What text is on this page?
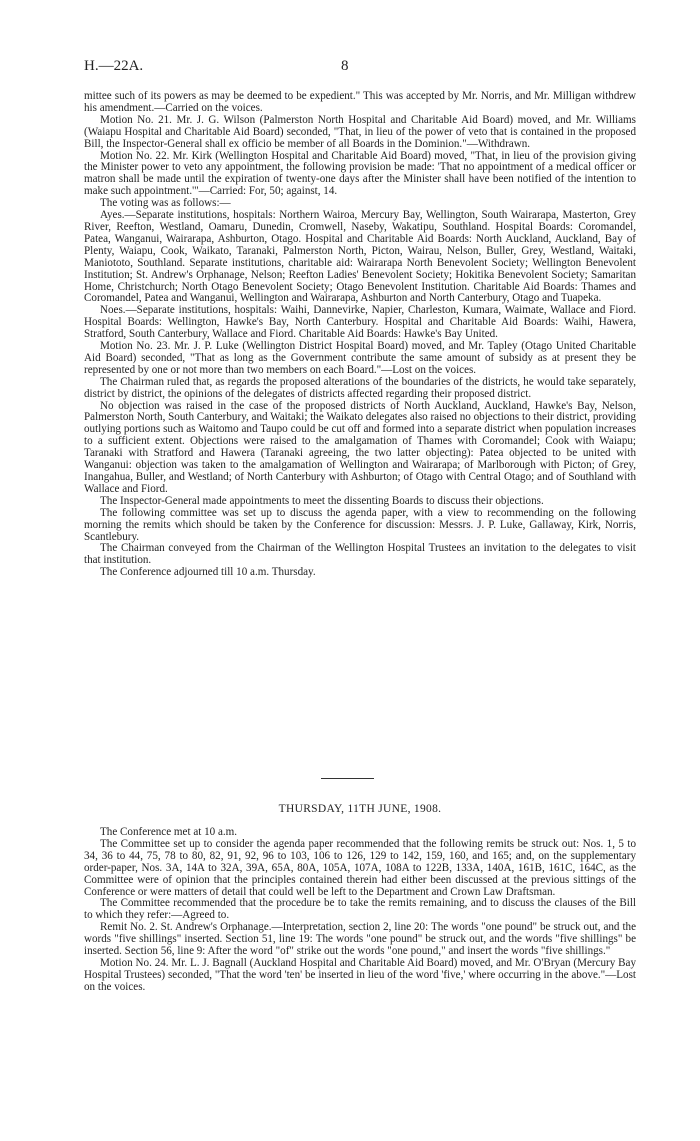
H.—22A.	8

mittee such of its powers as may be deemed to be expedient." This was accepted by Mr. Norris, and Mr. Milligan withdrew his amendment.—Carried on the voices.

Motion No. 21. Mr. J. G. Wilson (Palmerston North Hospital and Charitable Aid Board) moved, and Mr. Williams (Waiapu Hospital and Charitable Aid Board) seconded, "That, in lieu of the power of veto that is contained in the proposed Bill, the Inspector-General shall ex officio be member of all Boards in the Dominion."—Withdrawn.

Motion No. 22. Mr. Kirk (Wellington Hospital and Charitable Aid Board) moved, "That, in lieu of the provision giving the Minister power to veto any appointment, the following provision be made: 'That no appointment of a medical officer or matron shall be made until the expiration of twenty-one days after the Minister shall have been notified of the intention to make such appointment.'"—Carried: For, 50; against, 14.

The voting was as follows:—

Ayes.—Separate institutions, hospitals: Northern Wairoa, Mercury Bay, Wellington, South Wairarapa, Masterton, Grey River, Reefton, Westland, Oamaru, Dunedin, Cromwell, Naseby, Wakatipu, Southland. Hospital Boards: Coromandel, Patea, Wanganui, Wairarapa, Ashburton, Otago. Hospital and Charitable Aid Boards: North Auckland, Auckland, Bay of Plenty, Waiapu, Cook, Waikato, Taranaki, Palmerston North, Picton, Wairau, Nelson, Buller, Grey, Westland, Waitaki, Maniototo, Southland. Separate institutions, charitable aid: Wairarapa North Benevolent Society; Wellington Benevolent Institution; St. Andrew's Orphanage, Nelson; Reefton Ladies' Benevolent Society; Hokitika Benevolent Society; Samaritan Home, Christchurch; North Otago Benevolent Society; Otago Benevolent Institution. Charitable Aid Boards: Thames and Coromandel, Patea and Wanganui, Wellington and Wairarapa, Ashburton and North Canterbury, Otago and Tuapeka.

Noes.—Separate institutions, hospitals: Waihi, Dannevirke, Napier, Charleston, Kumara, Waimate, Wallace and Fiord. Hospital Boards: Wellington, Hawke's Bay, North Canterbury. Hospital and Charitable Aid Boards: Waihi, Hawera, Stratford, South Canterbury, Wallace and Fiord. Charitable Aid Boards: Hawke's Bay United.

Motion No. 23. Mr. J. P. Luke (Wellington District Hospital Board) moved, and Mr. Tapley (Otago United Charitable Aid Board) seconded, "That as long as the Government contribute the same amount of subsidy as at present they be represented by one or not more than two members on each Board."—Lost on the voices.

The Chairman ruled that, as regards the proposed alterations of the boundaries of the districts, he would take separately, district by district, the opinions of the delegates of districts affected regarding their proposed district.

No objection was raised in the case of the proposed districts of North Auckland, Auckland, Hawke's Bay, Nelson, Palmerston North, South Canterbury, and Waitaki; the Waikato delegates also raised no objections to their district, providing outlying portions such as Waitomo and Taupo could be cut off and formed into a separate district when population increases to a sufficient extent. Objections were raised to the amalgamation of Thames with Coromandel; Cook with Waiapu; Taranaki with Stratford and Hawera (Taranaki agreeing, the two latter objecting): Patea objected to be united with Wanganui: objection was taken to the amalgamation of Wellington and Wairarapa; of Marlborough with Picton; of Grey, Inangahua, Buller, and Westland; of North Canterbury with Ashburton; of Otago with Central Otago; and of Southland with Wallace and Fiord.

The Inspector-General made appointments to meet the dissenting Boards to discuss their objections.

The following committee was set up to discuss the agenda paper, with a view to recommending on the following morning the remits which should be taken by the Conference for discussion: Messrs. J. P. Luke, Gallaway, Kirk, Norris, Scantlebury.

The Chairman conveyed from the Chairman of the Wellington Hospital Trustees an invitation to the delegates to visit that institution.

The Conference adjourned till 10 a.m. Thursday.

THURSDAY, 11TH JUNE, 1908.

The Conference met at 10 a.m.

The Committee set up to consider the agenda paper recommended that the following remits be struck out: Nos. 1, 5 to 34, 36 to 44, 75, 78 to 80, 82, 91, 92, 96 to 103, 106 to 126, 129 to 142, 159, 160, and 165; and, on the supplementary order-paper, Nos. 3A, 14A to 32A, 39A, 65A, 80A, 105A, 107A, 108A to 122B, 133A, 140A, 161B, 161C, 164C, as the Committee were of opinion that the principles contained therein had either been discussed at the previous sittings of the Conference or were matters of detail that could well be left to the Department and Crown Law Draftsman.

The Committee recommended that the procedure be to take the remits remaining, and to discuss the clauses of the Bill to which they refer:—Agreed to.

Remit No. 2. St. Andrew's Orphanage.—Interpretation, section 2, line 20: The words "one pound" be struck out, and the words "five shillings" inserted. Section 51, line 19: The words "one pound" be struck out, and the words "five shillings" be inserted. Section 56, line 9: After the word "of" strike out the words "one pound," and insert the words "five shillings."

Motion No. 24. Mr. L. J. Bagnall (Auckland Hospital and Charitable Aid Board) moved, and Mr. O'Bryan (Mercury Bay Hospital Trustees) seconded, "That the word 'ten' be inserted in lieu of the word 'five,' where occurring in the above."—Lost on the voices.
